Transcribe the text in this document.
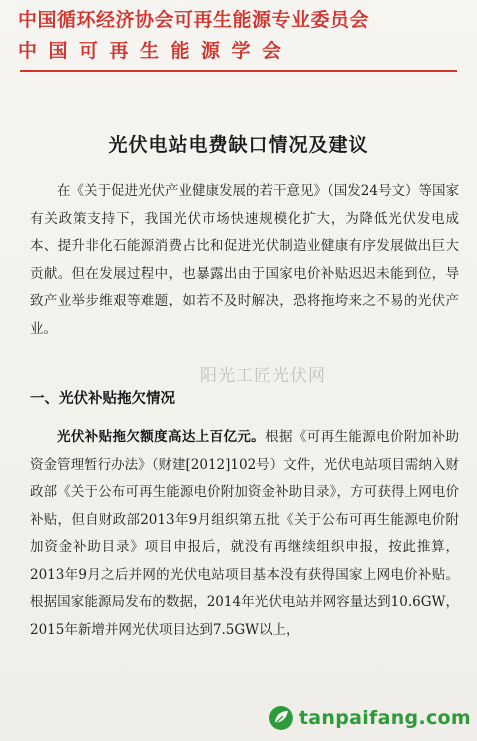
中国循环经济协会可再生能源专业委员会
中国可再生能源学会
光伏电站电费缺口情况及建议
在《关于促进光伏产业健康发展的若干意见》（国发24号文）等国家有关政策支持下，我国光伏市场快速规模化扩大，为降低光伏发电成本、提升非化石能源消费占比和促进光伏制造业健康有序发展做出巨大贡献。但在发展过程中，也暴露出由于国家电价补贴迟迟未能到位，导致产业举步维艰等难题，如若不及时解决，恐将拖垮来之不易的光伏产业。
阳光工匠光伏网
一、光伏补贴拖欠情况
光伏补贴拖欠额度高达上百亿元。根据《可再生能源电价附加补助资金管理暂行办法》（财建[2012]102号）文件，光伏电站项目需纳入财政部《关于公布可再生能源电价附加资金补助目录》，方可获得上网电价补贴，但自财政部2013年9月组织第五批《关于公布可再生能源电价附加资金补助目录》项目申报后，就没有再继续组织申报，按此推算，2013年9月之后并网的光伏电站项目基本没有获得国家上网电价补贴。根据国家能源局发布的数据，2014年光伏电站并网容量达到10.6GW，2015年新增并网光伏项目达到7.5GW以上，
tanpaifang.com
